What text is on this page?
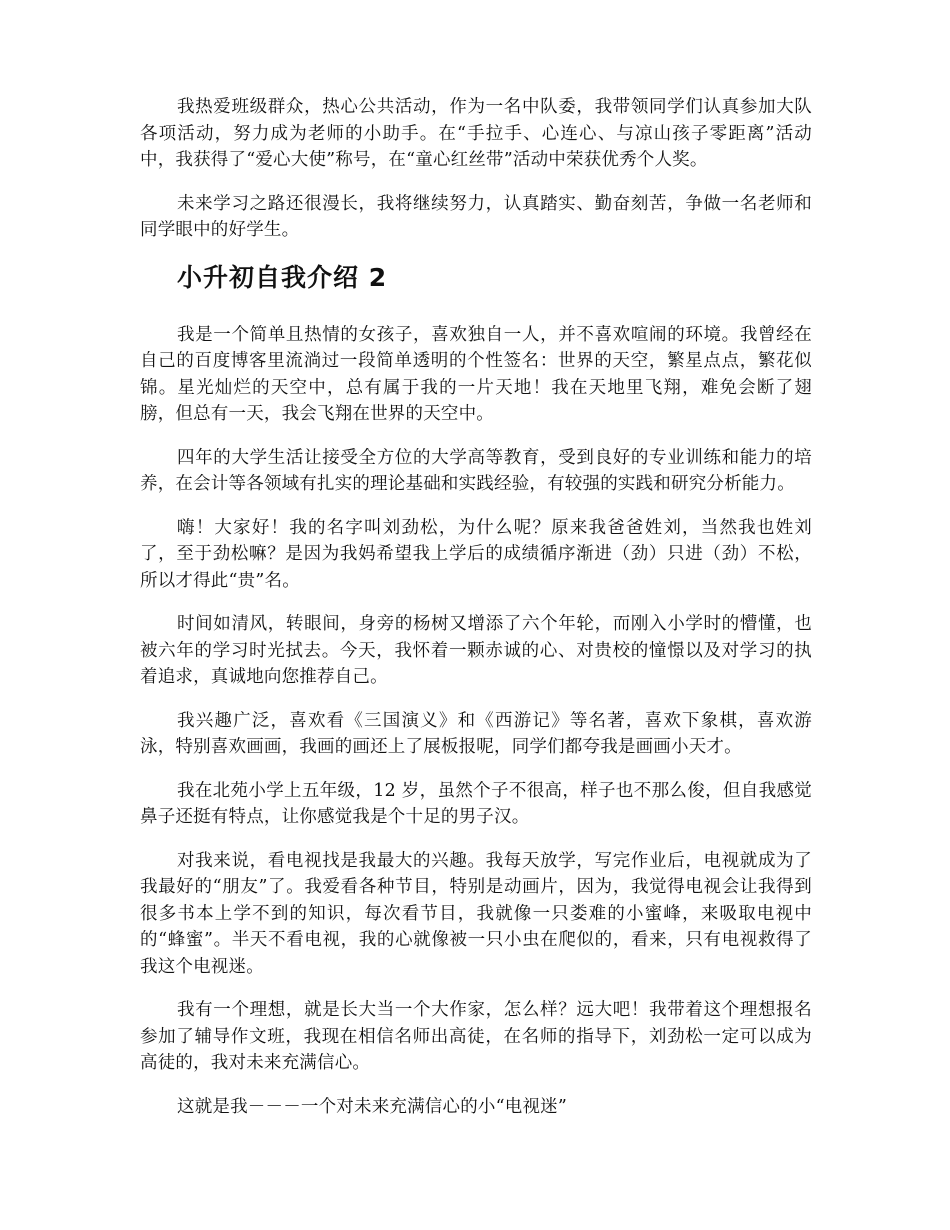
我热爱班级群众，热心公共活动，作为一名中队委，我带领同学们认真参加大队各项活动，努力成为老师的小助手。在“手拉手、心连心、与凉山孩子零距离”活动中，我获得了“爱心大使”称号，在“童心红丝带”活动中荣获优秀个人奖。

未来学习之路还很漫长，我将继续努力，认真踏实、勤奋刻苦，争做一名老师和同学眼中的好学生。

小升初自我介绍 2

我是一个简单且热情的女孩子，喜欢独自一人，并不喜欢喧闹的环境。我曾经在自己的百度博客里流淌过一段简单透明的个性签名：世界的天空，繁星点点，繁花似锦。星光灿烂的天空中，总有属于我的一片天地！我在天地里飞翔，难免会断了翅膀，但总有一天，我会飞翔在世界的天空中。

四年的大学生活让接受全方位的大学高等教育，受到良好的专业训练和能力的培养，在会计等各领域有扎实的理论基础和实践经验，有较强的实践和研究分析能力。

嗨！大家好！我的名字叫刘劲松，为什么呢？原来我爸爸姓刘，当然我也姓刘了，至于劲松嘛？是因为我妈希望我上学后的成绩循序渐进（劲）只进（劲）不松，所以才得此“贵”名。

时间如清风，转眼间，身旁的杨树又增添了六个年轮，而刚入小学时的懵懂，也被六年的学习时光拭去。今天，我怀着一颗赤诚的心、对贵校的憧憬以及对学习的执着追求，真诚地向您推荐自己。

我兴趣广泛，喜欢看《三国演义》和《西游记》等名著，喜欢下象棋，喜欢游泳，特别喜欢画画，我画的画还上了展板报呢，同学们都夸我是画画小天才。

我在北苑小学上五年级，12 岁，虽然个子不很高，样子也不那么俊，但自我感觉鼻子还挺有特点，让你感觉我是个十足的男子汉。

对我来说，看电视找是我最大的兴趣。我每天放学，写完作业后，电视就成为了我最好的“朋友”了。我爱看各种节目，特别是动画片，因为，我觉得电视会让我得到很多书本上学不到的知识，每次看节目，我就像一只娄难的小蜜峰，来吸取电视中的“蜂蜜”。半天不看电视，我的心就像被一只小虫在爬似的，看来，只有电视救得了我这个电视迷。

我有一个理想，就是长大当一个大作家，怎么样？远大吧！我带着这个理想报名参加了辅导作文班，我现在相信名师出高徒，在名师的指导下，刘劲松一定可以成为高徒的，我对未来充满信心。

这就是我－－－一个对未来充满信心的小“电视迷”
